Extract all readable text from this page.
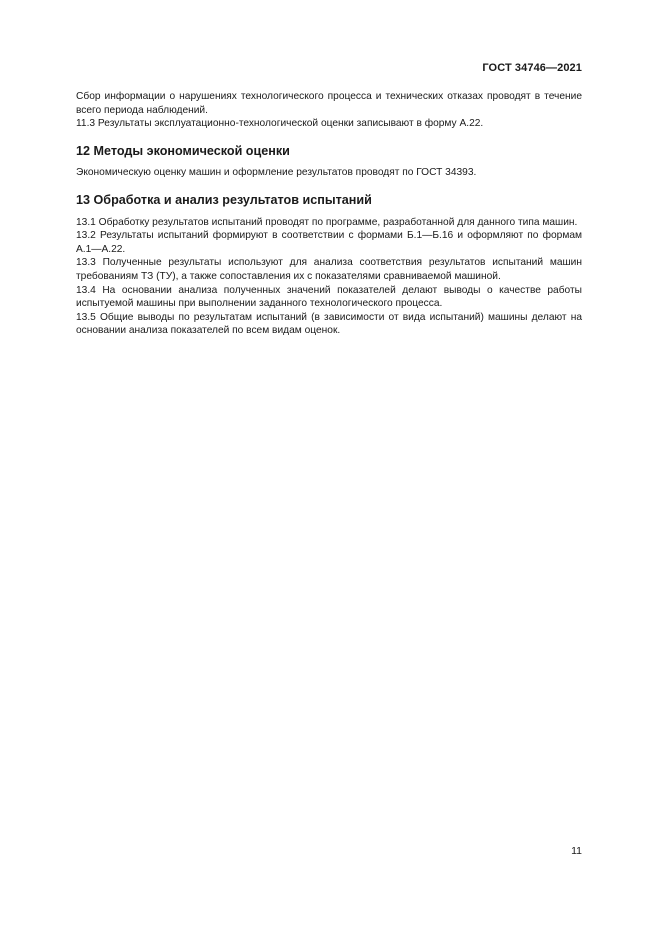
ГОСТ 34746—2021

Сбор информации о нарушениях технологического процесса и технических отказах проводят в течение всего периода наблюдений.

11.3 Результаты эксплуатационно-технологической оценки записывают в форму А.22.

12 Методы экономической оценки

Экономическую оценку машин и оформление результатов проводят по ГОСТ 34393.

13 Обработка и анализ результатов испытаний

13.1 Обработку результатов испытаний проводят по программе, разработанной для данного типа машин.

13.2 Результаты испытаний формируют в соответствии с формами Б.1—Б.16 и оформляют по формам А.1—А.22.

13.3 Полученные результаты используют для анализа соответствия результатов испытаний машин требованиям ТЗ (ТУ), а также сопоставления их с показателями сравниваемой машиной.

13.4 На основании анализа полученных значений показателей делают выводы о качестве работы испытуемой машины при выполнении заданного технологического процесса.

13.5 Общие выводы по результатам испытаний (в зависимости от вида испытаний) машины делают на основании анализа показателей по всем видам оценок.

11
